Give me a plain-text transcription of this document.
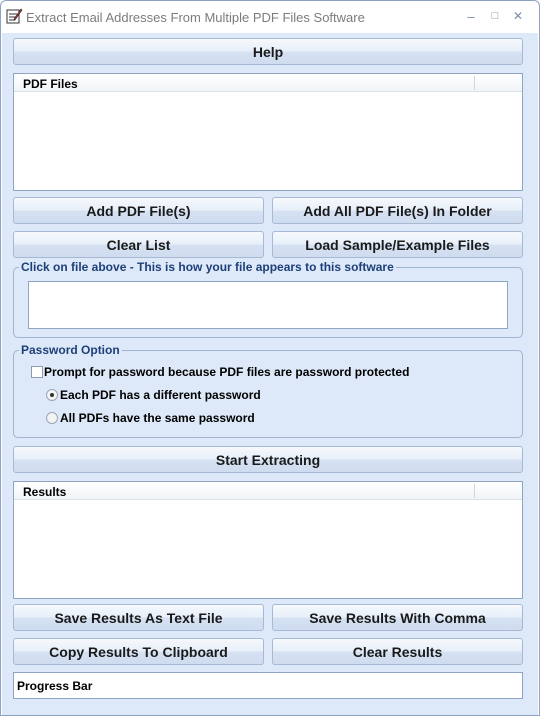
Extract Email Addresses From Multiple PDF Files Software	–	□	✕
Help
PDF Files
Add PDF File(s)	Add All PDF File(s) In Folder
Clear List	Load Sample/Example Files
Click on file above - This is how your file appears to this software
Password Option
Prompt for password because PDF files are password protected
Each PDF has a different password
All PDFs have the same password
Start Extracting
Results
Save Results As Text File	Save Results With Comma
Copy Results To Clipboard	Clear Results
Progress Bar
